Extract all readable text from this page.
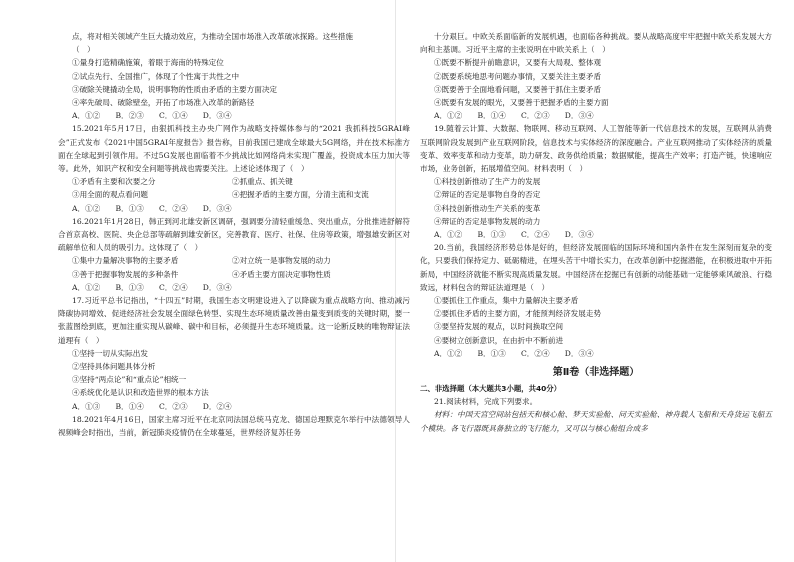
点，将对相关领域产生巨大撬动效应，为推动全国市场准入改革破冰探路。这些措施

（　）
①量身打造精确施策，着眼于海南的特殊定位
②试点先行、全国推广，体现了个性寓于共性之中
③破除关键撬动全局，说明事物的性质由矛盾的主要方面决定
④率先破局、破除壁垒，开拓了市场准入改革的新路径
A．①②　　B．②③　　C．①④　　D．③④

15.2021年5月17日，由狠抓科技主办央广网作为战略支持媒体参与的“2021 我抓科技5GRAI峰会”正式发布《2021中国5GRAI年度报告》报告称，目前我国已建成全球最大5G网络，并在技术标准方面在全球起到引领作用。不过5G发展也面临着不少挑战比如网络尚未实现广覆盖，投资成本压力加大等等。此外，知识产权和安全问题等挑战也需要关注。上述论述体现了（　）

①矛盾有主要和次要之分	②抓重点、抓关键
③用全面的观点看问题	④把握矛盾的主要方面，分清主流和支流
A．①②　　B．①③　　C．②④　　D．③④

16.2021年1月28日，韩正到河北雄安新区调研，强调要分清轻重缓急、突出重点，分批推进舒解符合首京高校、医院、央企总部等疏解到雄安新区，完善教育、医疗、社保、住房等政策，增强雄安新区对疏解单位和人员的吸引力。这体现了（　）

①集中力量解决事物的主要矛盾	②对立统一是事物发展的动力
③善于把握事物发展的多种条件	④矛盾主要方面决定事物性质
A．①②　　B．①③　　C．②④　　D．③④

17.习近平总书记指出，“十四五”时期，我国生态文明建设进入了以降碳为重点战略方向、推动减污降碳协同增效、促进经济社会发展全面绿色转型、实现生态环境质量改善由量变到质变的关键时期，要一张蓝图绘到底，更加注重实现从碳峰、碳中和目标，必须提升生态环境质量。这一论断反映的唯物辩证法道理有（　）

①坚持一切从实际出发
②坚持具体问题具体分析
③坚持“两点论”和“重点论”相统一
④系统优化是认识和改造世界的根本方法
A．①③　　B．①④　　C．②③　　D．②④

18.2021年4月16日，国家主席习近平在北京同法国总统马克龙、德国总理默克尔举行中法德领导人视频峰会时指出，当前，新冠肺炎疫情仍在全球蔓延，世界经济复苏任务

十分艰巨。中欧关系面临新的发展机遇，也面临各种挑战。要从战略高度牢牢把握中欧关系发展大方向和主基调。习近平主席的主张说明在中欧关系上（　）

①既要不断提升前瞻意识，又要有大局观、整体观
②既要系统地思考问题办事情，又要关注主要矛盾
③既要善于全面地看问题，又要善于抓住主要矛盾
④既要有发展的眼光，又要善于把握矛盾的主要方面
A．①②　　B．①④　　C．②③　　D．③④

19.随着云计算、大数据、物联网、移动互联网、人工智能等新一代信息技术的发展，互联网从消费互联网阶段发展到产业互联网阶段，信息技术与实体经济的深度融合。产业互联网推动了实体经济的质量变革、效率变革和动力变革，助力研发、政务供给质量；数据赋能，提高生产效率；打造产链，快速响应市场，业务创新，拓展增值空间。材料表明（　）

①科技创新推动了生产力的发展
②辩证的否定是事物自身的否定
③科技创新推动生产关系的变革
④辩证的否定是事物发展的动力
A．①②　　B．①③　　C．②④　　D．③④

20.当前，我国经济形势总体是好的，但经济发展面临的国际环境和国内条件在发生深刻而复杂的变化，只要我们保持定力、砥砺精进，在埋头苦干中增长实力，在改革创新中挖掘潜能，在积极进取中开拓新局，中国经济就能不断实现高质量发展。中国经济在挖掘已有创新的动能基础一定能够乘风破浪、行稳致远，材料包含的辩证法道理是（　）

①要抓住工作重点，集中力量解决主要矛盾
②要抓住矛盾的主要方面，才能预判经济发展走势
③要坚持发展的观点，以时间换取空间
④要树立创新意识，在由折中不断前进
A．①②　　B．①③　　C．②④　　D．③④
第Ⅱ卷（非选择题）
二、非选择题（本大题共3小题，共40分）
21.阅读材料，完成下列要求。

材料：中国天宫空间站包括天和核心舱、梦天实验舱、问天实验舱、神舟载人飞船和天舟货运飞船五个模块。各飞行器既具备独立的飞行能力，又可以与核心舱组合成多
